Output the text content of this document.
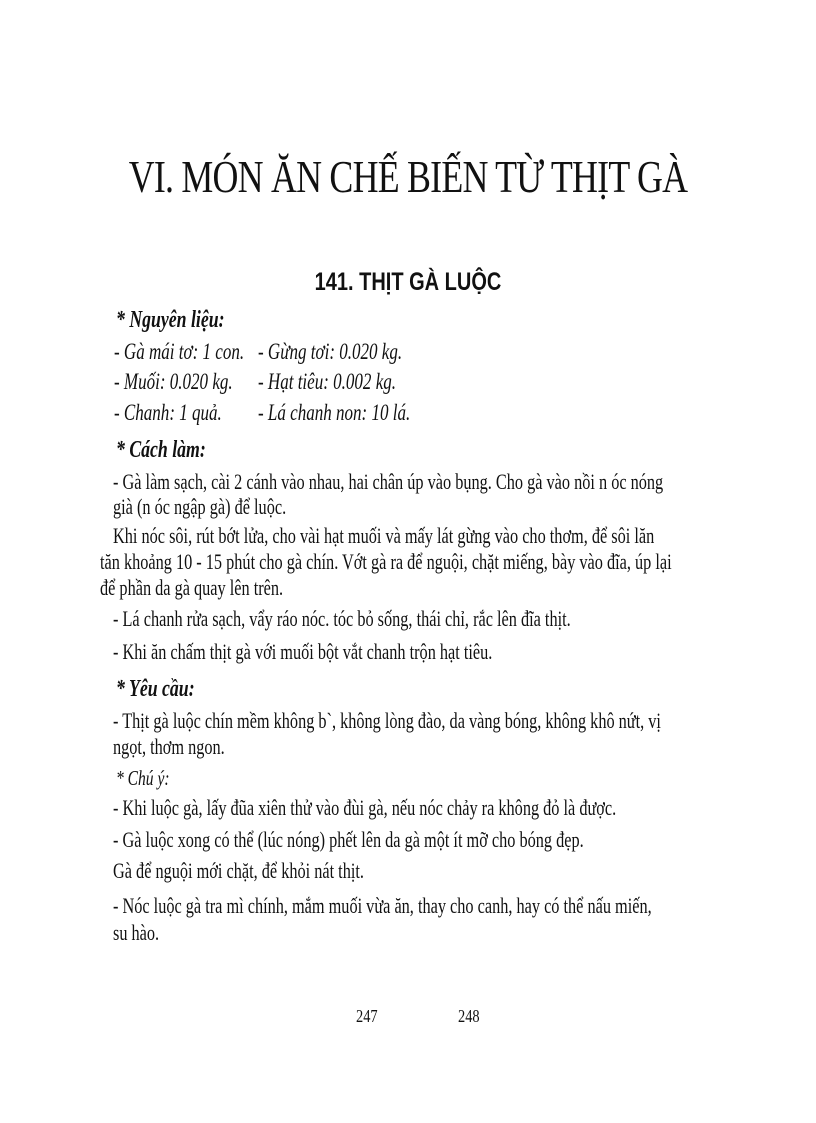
VI. MÓN ĂN CHẾ BIẾN TỪ THỊT GÀ
141. THỊT GÀ LUỘC
* Nguyên liệu:
- Gà mái tơ: 1 con. - Gừng tơi: 0.020 kg.
- Muối: 0.020 kg. - Hạt tiêu: 0.002 kg.
- Chanh: 1 quả. - Lá chanh non: 10 lá.
* Cách làm:
- Gà làm sạch, cài 2 cánh vào nhau, hai chân úp vào bụng. Cho gà vào nồi n óc nóng
già (n óc ngập gà) để luộc.
Khi nóc sôi, rút bớt lửa, cho vài hạt muối và mấy lát gừng vào cho thơm, để sôi lăn
tăn khoảng 10 - 15 phút cho gà chín. Vớt gà ra để nguội, chặt miếng, bày vào đĩa, úp lại
để phần da gà quay lên trên.
- Lá chanh rửa sạch, vẩy ráo nóc. tóc bỏ sống, thái chỉ, rắc lên đĩa thịt.
- Khi ăn chấm thịt gà với muối bột vắt chanh trộn hạt tiêu.
* Yêu cầu:
- Thịt gà luộc chín mềm không b`, không lòng đào, da vàng bóng, không khô nứt, vị
ngọt, thơm ngon.
* Chú ý:
- Khi luộc gà, lấy đũa xiên thử vào đùi gà, nếu nóc chảy ra không đỏ là được.
- Gà luộc xong có thể (lúc nóng) phết lên da gà một ít mỡ cho bóng đẹp.
Gà để nguội mới chặt, để khỏi nát thịt.
- Nóc luộc gà tra mì chính, mắm muối vừa ăn, thay cho canh, hay có thể nấu miến,
su hào.
247	248
